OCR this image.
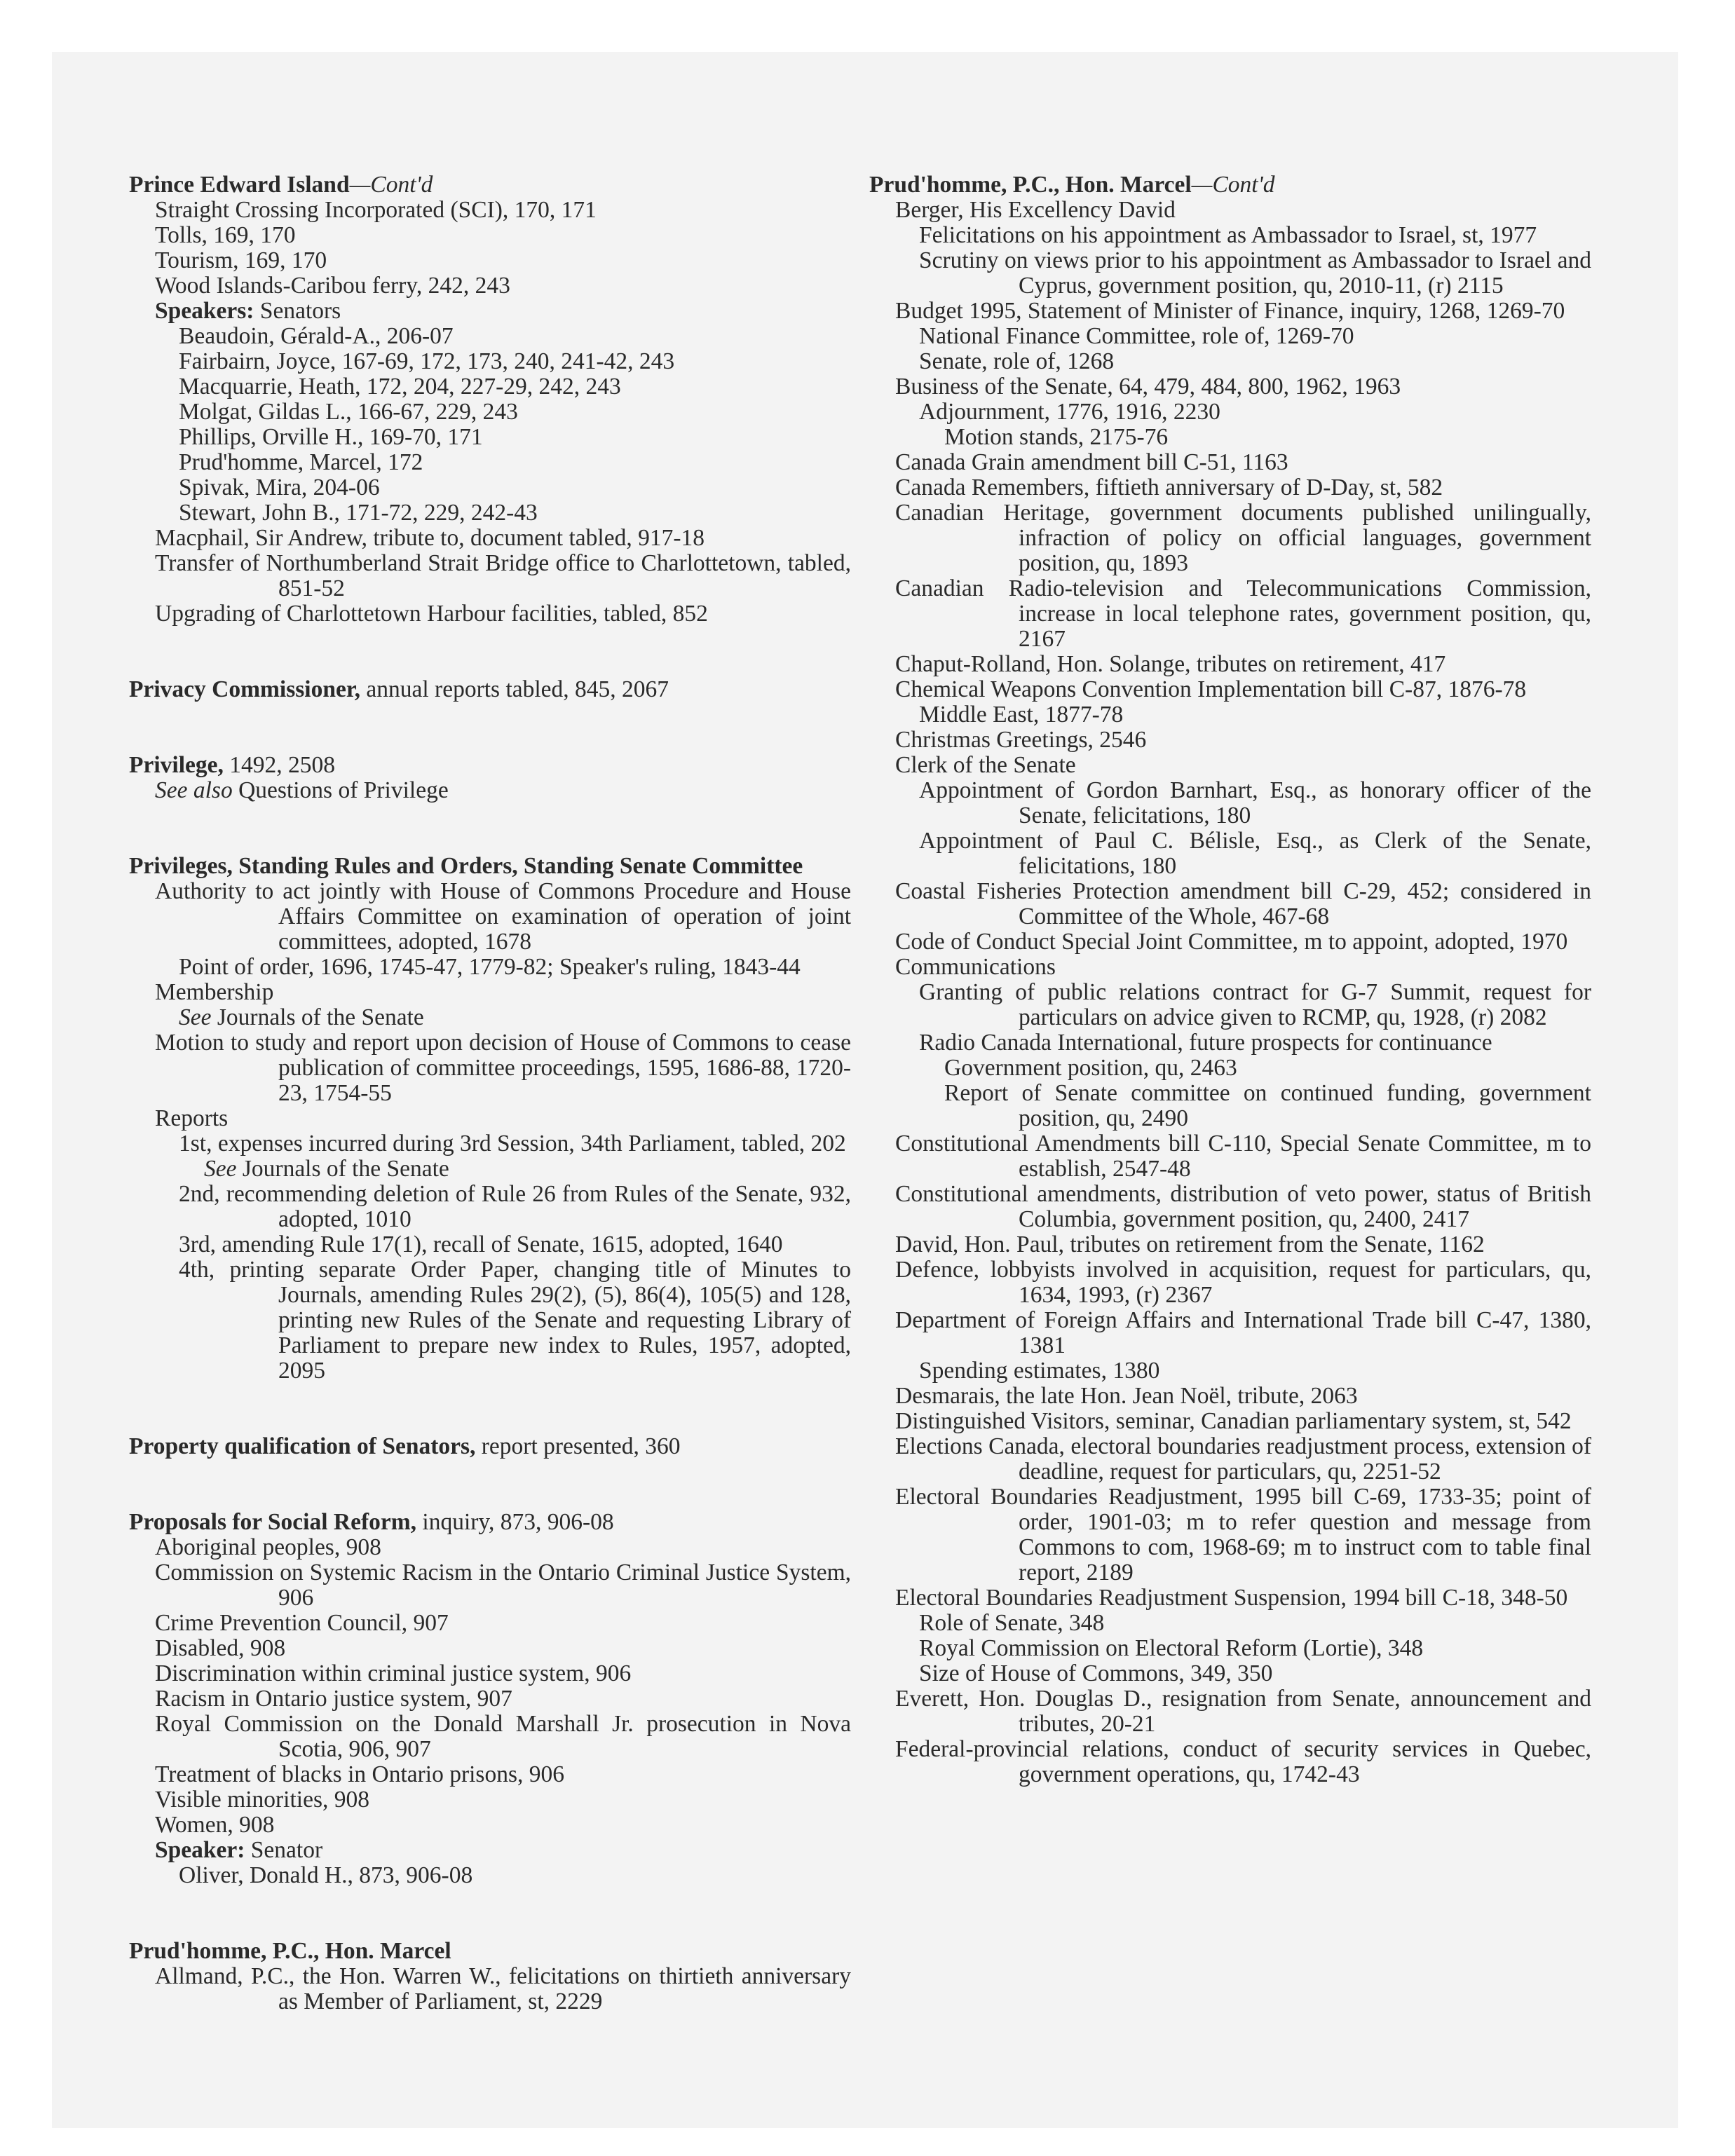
Prince Edward Island—Cont'd

Straight Crossing Incorporated (SCI), 170, 171

Tolls, 169, 170

Tourism, 169, 170

Wood Islands-Caribou ferry, 242, 243

Speakers: Senators

Beaudoin, Gérald-A., 206-07

Fairbairn, Joyce, 167-69, 172, 173, 240, 241-42, 243

Macquarrie, Heath, 172, 204, 227-29, 242, 243

Molgat, Gildas L., 166-67, 229, 243

Phillips, Orville H., 169-70, 171

Prud'homme, Marcel, 172

Spivak, Mira, 204-06

Stewart, John B., 171-72, 229, 242-43

Macphail, Sir Andrew, tribute to, document tabled, 917-18

Transfer of Northumberland Strait Bridge office to Charlottetown, tabled, 851-52

Upgrading of Charlottetown Harbour facilities, tabled, 852

Privacy Commissioner, annual reports tabled, 845, 2067

Privilege, 1492, 2508

See also Questions of Privilege

Privileges, Standing Rules and Orders, Standing Senate Committee

Authority to act jointly with House of Commons Procedure and House Affairs Committee on examination of operation of joint committees, adopted, 1678

Point of order, 1696, 1745-47, 1779-82; Speaker's ruling, 1843-44

Membership

See Journals of the Senate

Motion to study and report upon decision of House of Commons to cease publication of committee proceedings, 1595, 1686-88, 1720-23, 1754-55

Reports

1st, expenses incurred during 3rd Session, 34th Parliament, tabled, 202

See Journals of the Senate

2nd, recommending deletion of Rule 26 from Rules of the Senate, 932, adopted, 1010

3rd, amending Rule 17(1), recall of Senate, 1615, adopted, 1640

4th, printing separate Order Paper, changing title of Minutes to Journals, amending Rules 29(2), (5), 86(4), 105(5) and 128, printing new Rules of the Senate and requesting Library of Parliament to prepare new index to Rules, 1957, adopted, 2095

Property qualification of Senators, report presented, 360

Proposals for Social Reform, inquiry, 873, 906-08

Aboriginal peoples, 908

Commission on Systemic Racism in the Ontario Criminal Justice System, 906

Crime Prevention Council, 907

Disabled, 908

Discrimination within criminal justice system, 906

Racism in Ontario justice system, 907

Royal Commission on the Donald Marshall Jr. prosecution in Nova Scotia, 906, 907

Treatment of blacks in Ontario prisons, 906

Visible minorities, 908

Women, 908

Speaker: Senator

Oliver, Donald H., 873, 906-08

Prud'homme, P.C., Hon. Marcel

Allmand, P.C., the Hon. Warren W., felicitations on thirtieth anniversary as Member of Parliament, st, 2229

Prud'homme, P.C., Hon. Marcel—Cont'd

Berger, His Excellency David

Felicitations on his appointment as Ambassador to Israel, st, 1977

Scrutiny on views prior to his appointment as Ambassador to Israel and Cyprus, government position, qu, 2010-11, (r) 2115

Budget 1995, Statement of Minister of Finance, inquiry, 1268, 1269-70

National Finance Committee, role of, 1269-70

Senate, role of, 1268

Business of the Senate, 64, 479, 484, 800, 1962, 1963

Adjournment, 1776, 1916, 2230

Motion stands, 2175-76

Canada Grain amendment bill C-51, 1163

Canada Remembers, fiftieth anniversary of D-Day, st, 582

Canadian Heritage, government documents published unilingually, infraction of policy on official languages, government position, qu, 1893

Canadian Radio-television and Telecommunications Commission, increase in local telephone rates, government position, qu, 2167

Chaput-Rolland, Hon. Solange, tributes on retirement, 417

Chemical Weapons Convention Implementation bill C-87, 1876-78

Middle East, 1877-78

Christmas Greetings, 2546

Clerk of the Senate

Appointment of Gordon Barnhart, Esq., as honorary officer of the Senate, felicitations, 180

Appointment of Paul C. Bélisle, Esq., as Clerk of the Senate, felicitations, 180

Coastal Fisheries Protection amendment bill C-29, 452; considered in Committee of the Whole, 467-68

Code of Conduct Special Joint Committee, m to appoint, adopted, 1970

Communications

Granting of public relations contract for G-7 Summit, request for particulars on advice given to RCMP, qu, 1928, (r) 2082

Radio Canada International, future prospects for continuance

Government position, qu, 2463

Report of Senate committee on continued funding, government position, qu, 2490

Constitutional Amendments bill C-110, Special Senate Committee, m to establish, 2547-48

Constitutional amendments, distribution of veto power, status of British Columbia, government position, qu, 2400, 2417

David, Hon. Paul, tributes on retirement from the Senate, 1162

Defence, lobbyists involved in acquisition, request for particulars, qu, 1634, 1993, (r) 2367

Department of Foreign Affairs and International Trade bill C-47, 1380, 1381

Spending estimates, 1380

Desmarais, the late Hon. Jean Noël, tribute, 2063

Distinguished Visitors, seminar, Canadian parliamentary system, st, 542

Elections Canada, electoral boundaries readjustment process, extension of deadline, request for particulars, qu, 2251-52

Electoral Boundaries Readjustment, 1995 bill C-69, 1733-35; point of order, 1901-03; m to refer question and message from Commons to com, 1968-69; m to instruct com to table final report, 2189

Electoral Boundaries Readjustment Suspension, 1994 bill C-18, 348-50

Role of Senate, 348

Royal Commission on Electoral Reform (Lortie), 348

Size of House of Commons, 349, 350

Everett, Hon. Douglas D., resignation from Senate, announcement and tributes, 20-21

Federal-provincial relations, conduct of security services in Quebec, government operations, qu, 1742-43
